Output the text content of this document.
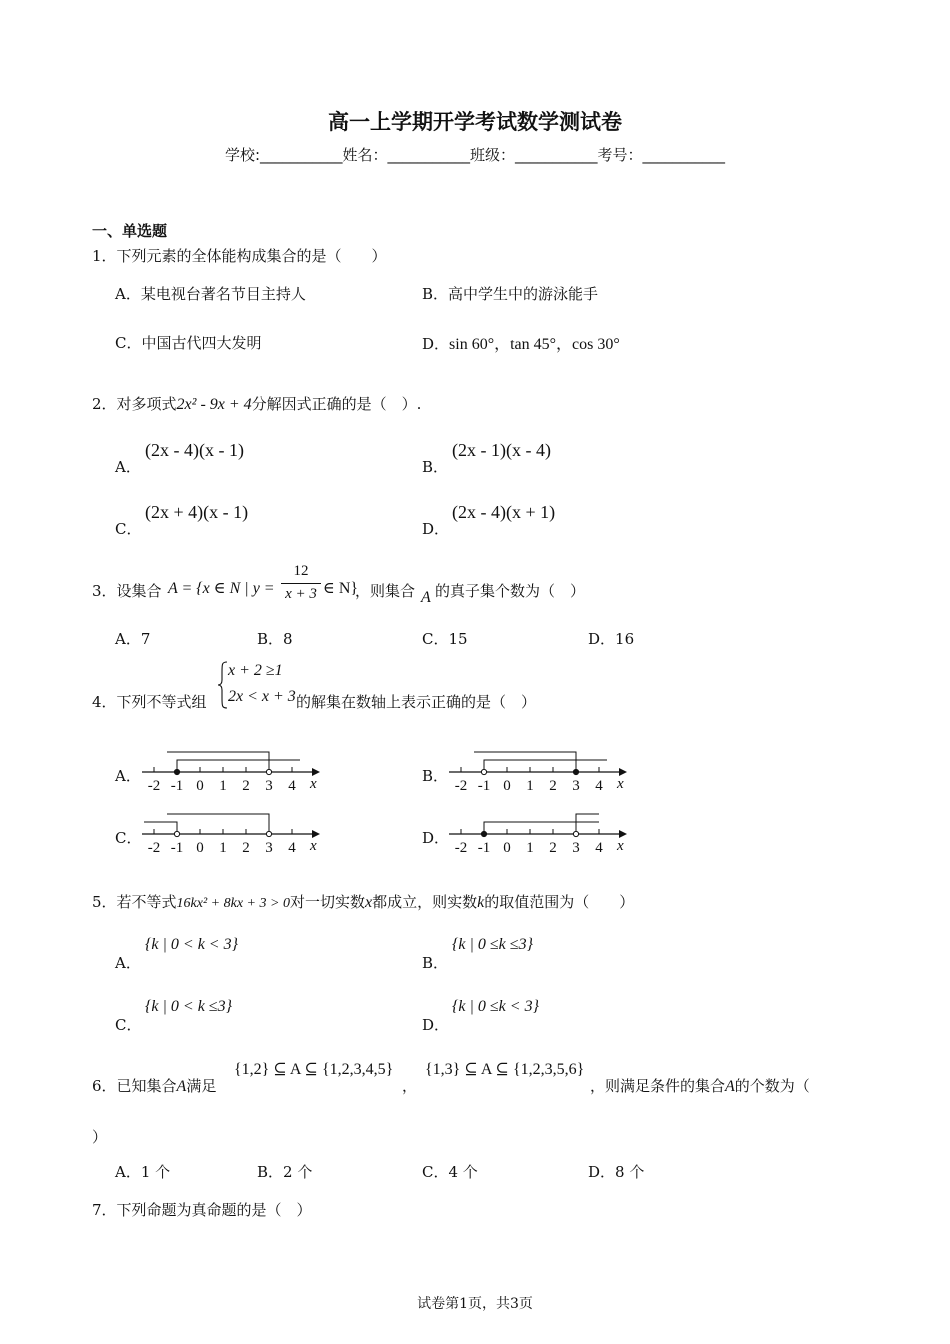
高一上学期开学考试数学测试卷
学校:___________姓名：___________班级：___________考号：___________
一、单选题
1．下列元素的全体能构成集合的是（　　）
A．某电视台著名节目主持人	B．高中学生中的游泳能手
C．中国古代四大发明	D．sin 60°，tan 45°，cos 30°
2．对多项式2x² - 9x + 4分解因式正确的是（　）.
A．
(2x - 4)(x - 1)
B．
(2x - 1)(x - 4)
C．
(2x + 4)(x - 1)
D．
(2x - 4)(x + 1)
3．设集合 A = {x ∈ N | y =
12
x + 3 ∈ N}
，则集合 A 的真子集个数为（　）
A．7	B．8	C．15	D．16
4．下列不等式组
x + 2 ≥1
2x < x + 3 的解集在数轴上表示正确的是（　）
A．	B．
C．	D．
-2 -1 0 1 2 3 4 x	-2 -1 0 1 2 3 4 x
-2 -1 0 1 2 3 4 x	-2 -1 0 1 2 3 4 x
5．若不等式16kx² + 8kx + 3 > 0对一切实数x都成立，则实数k的取值范围为（　　）
A．
{k | 0 < k < 3}
B．
{k | 0 ≤k ≤3}
C．
{k | 0 < k ≤3}
D．
{k | 0 ≤k < 3}
6．已知集合A满足
{1,2} ⊆ A ⊆ {1,2,3,4,5}
，
{1,3} ⊆ A ⊆ {1,2,3,5,6}
，则满足条件的集合A的个数为（
）
A．1 个	B．2 个	C．4 个	D．8 个
7．下列命题为真命题的是（　）
试卷第1页，共3页
